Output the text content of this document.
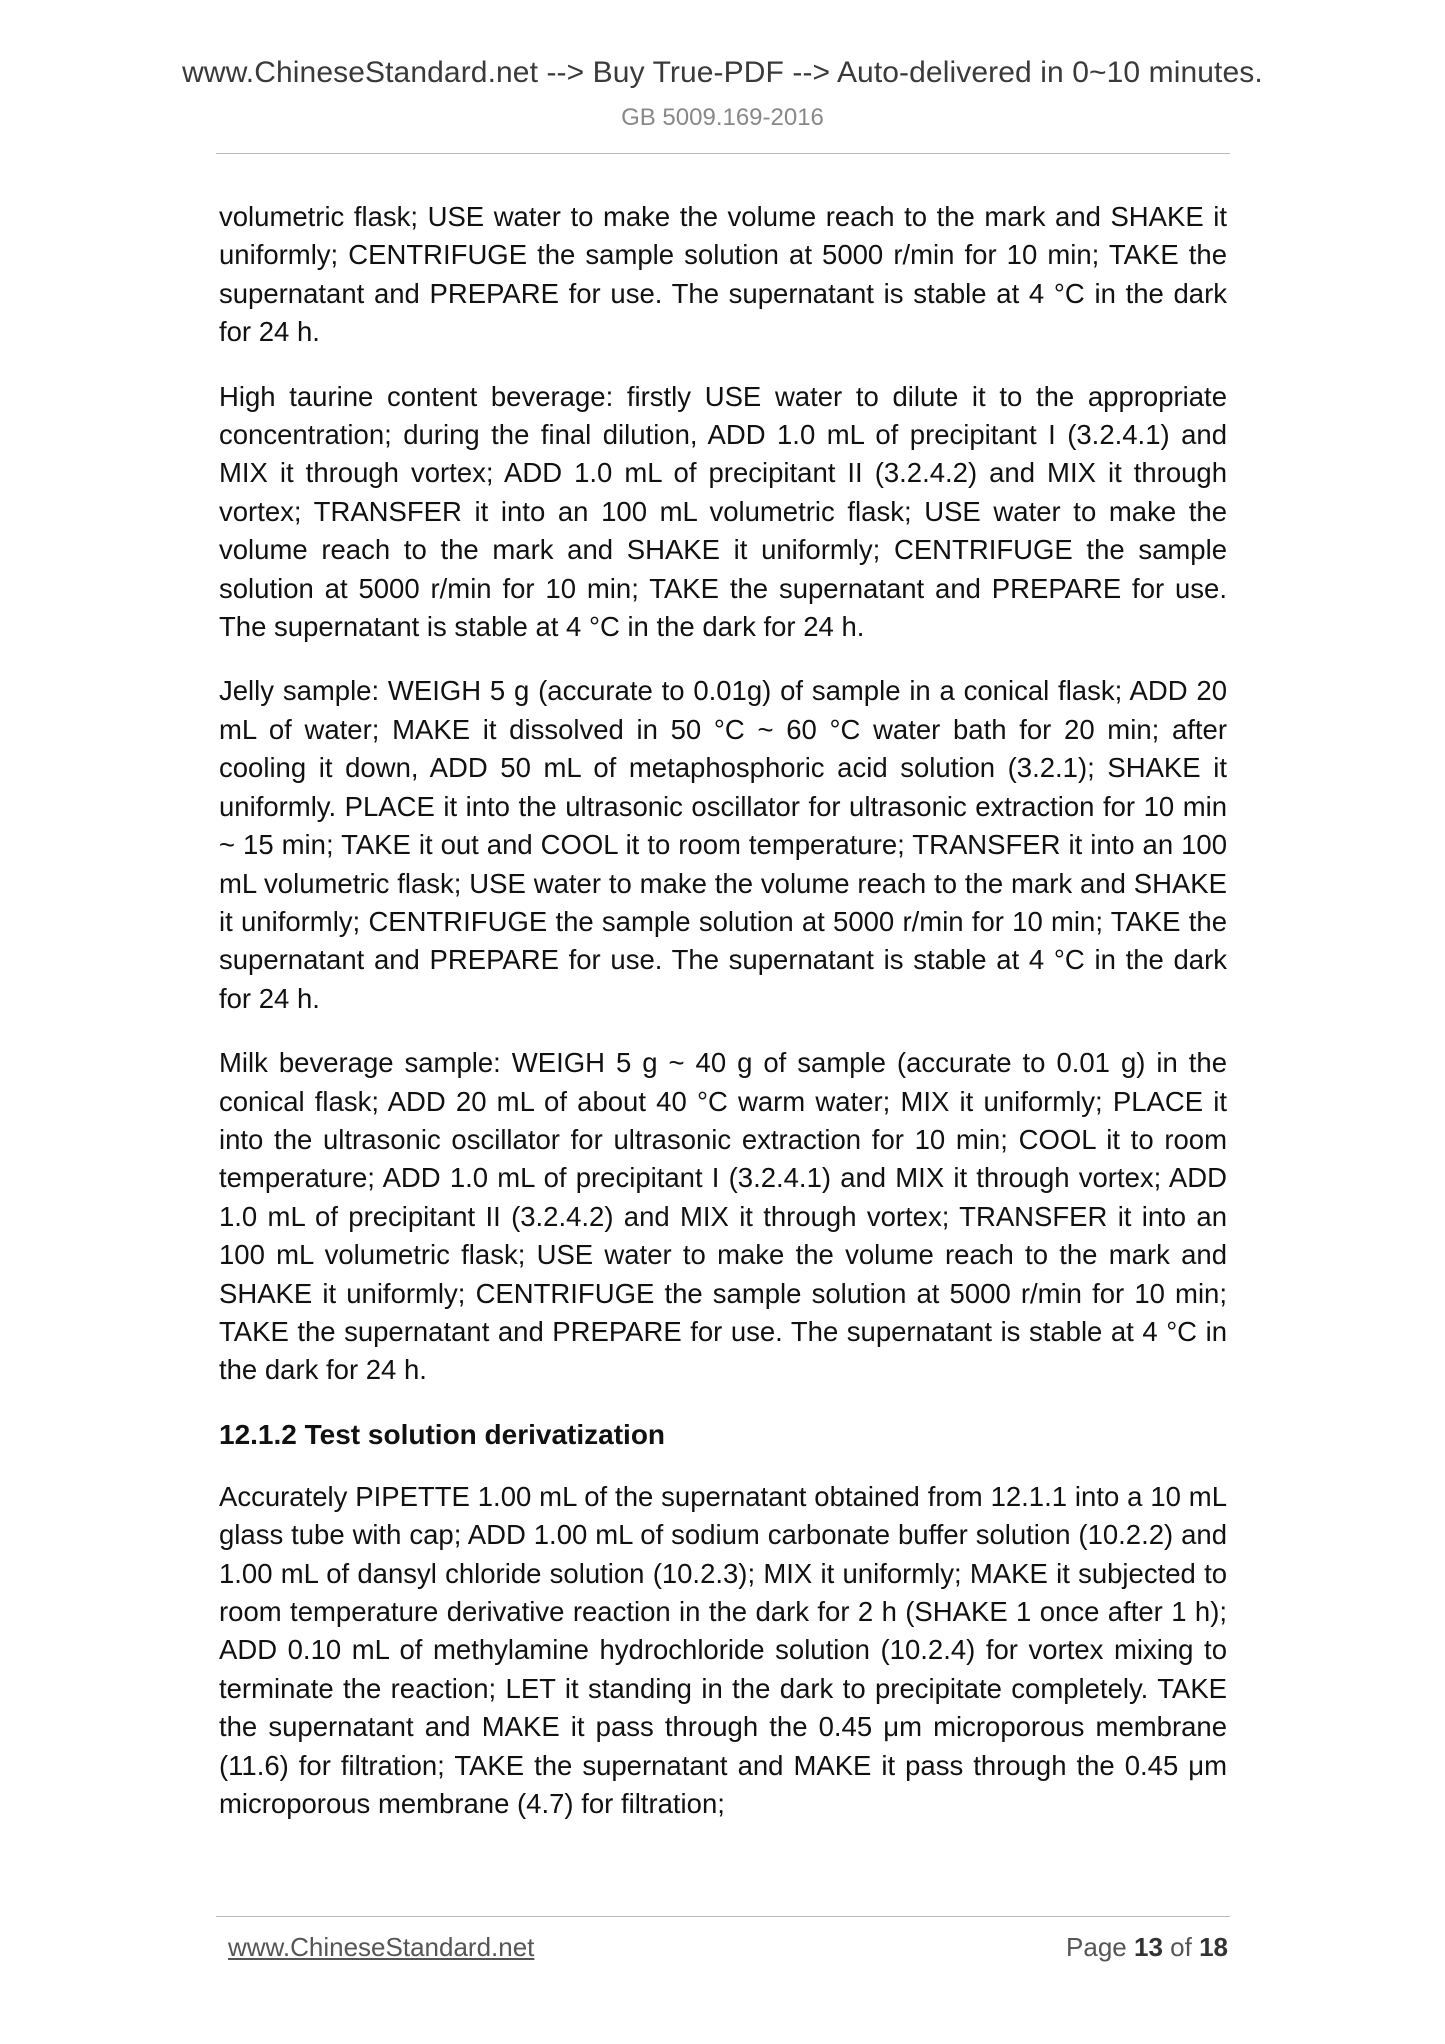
www.ChineseStandard.net --> Buy True-PDF --> Auto-delivered in 0~10 minutes.
GB 5009.169-2016

volumetric flask; USE water to make the volume reach to the mark and SHAKE it uniformly; CENTRIFUGE the sample solution at 5000 r/min for 10 min; TAKE the supernatant and PREPARE for use. The supernatant is stable at 4 °C in the dark for 24 h.

High taurine content beverage: firstly USE water to dilute it to the appropriate concentration; during the final dilution, ADD 1.0 mL of precipitant I (3.2.4.1) and MIX it through vortex; ADD 1.0 mL of precipitant II (3.2.4.2) and MIX it through vortex; TRANSFER it into an 100 mL volumetric flask; USE water to make the volume reach to the mark and SHAKE it uniformly; CENTRIFUGE the sample solution at 5000 r/min for 10 min; TAKE the supernatant and PREPARE for use. The supernatant is stable at 4 °C in the dark for 24 h.

Jelly sample: WEIGH 5 g (accurate to 0.01g) of sample in a conical flask; ADD 20 mL of water; MAKE it dissolved in 50 °C ~ 60 °C water bath for 20 min; after cooling it down, ADD 50 mL of metaphosphoric acid solution (3.2.1); SHAKE it uniformly. PLACE it into the ultrasonic oscillator for ultrasonic extraction for 10 min ~ 15 min; TAKE it out and COOL it to room temperature; TRANSFER it into an 100 mL volumetric flask; USE water to make the volume reach to the mark and SHAKE it uniformly; CENTRIFUGE the sample solution at 5000 r/min for 10 min; TAKE the supernatant and PREPARE for use. The supernatant is stable at 4 °C in the dark for 24 h.

Milk beverage sample: WEIGH 5 g ~ 40 g of sample (accurate to 0.01 g) in the conical flask; ADD 20 mL of about 40 °C warm water; MIX it uniformly; PLACE it into the ultrasonic oscillator for ultrasonic extraction for 10 min; COOL it to room temperature; ADD 1.0 mL of precipitant I (3.2.4.1) and MIX it through vortex; ADD 1.0 mL of precipitant II (3.2.4.2) and MIX it through vortex; TRANSFER it into an 100 mL volumetric flask; USE water to make the volume reach to the mark and SHAKE it uniformly; CENTRIFUGE the sample solution at 5000 r/min for 10 min; TAKE the supernatant and PREPARE for use. The supernatant is stable at 4 °C in the dark for 24 h.

12.1.2 Test solution derivatization

Accurately PIPETTE 1.00 mL of the supernatant obtained from 12.1.1 into a 10 mL glass tube with cap; ADD 1.00 mL of sodium carbonate buffer solution (10.2.2) and 1.00 mL of dansyl chloride solution (10.2.3); MIX it uniformly; MAKE it subjected to room temperature derivative reaction in the dark for 2 h (SHAKE 1 once after 1 h); ADD 0.10 mL of methylamine hydrochloride solution (10.2.4) for vortex mixing to terminate the reaction; LET it standing in the dark to precipitate completely. TAKE the supernatant and MAKE it pass through the 0.45 μm microporous membrane (11.6) for filtration; TAKE the supernatant and MAKE it pass through the 0.45 μm microporous membrane (4.7) for filtration;

www.ChineseStandard.net	Page 13 of 18
